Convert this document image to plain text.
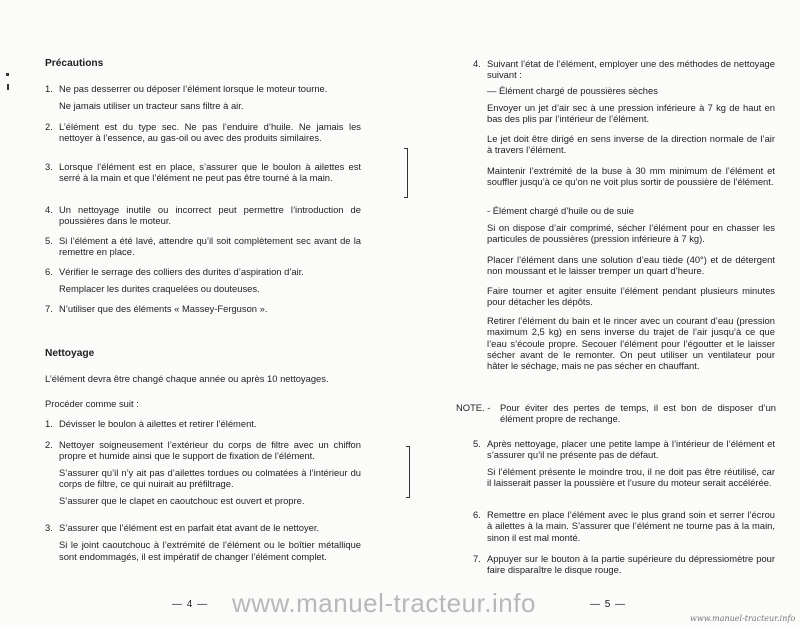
Précautions
1. Ne pas desserrer ou déposer l’élément lorsque le moteur tourne.
Ne jamais utiliser un tracteur sans filtre à air.
2. L’élément est du type sec. Ne pas l’enduire d’huile. Ne jamais les nettoyer à l’essence, au gas-oil ou avec des produits similaires.
3. Lorsque l’élément est en place, s’assurer que le boulon à ailettes est serré à la main et que l’élément ne peut pas être tourné à la main.
4. Un nettoyage inutile ou incorrect peut permettre l’introduction de poussières dans le moteur.
5. Si l’élément a été lavé, attendre qu’il soit complètement sec avant de la remettre en place.
6. Vérifier le serrage des colliers des durites d’aspiration d’air.
Remplacer les durites craquelées ou douteuses.
7. N’utiliser que des éléments « Massey-Ferguson ».
Nettoyage
L’élément devra être changé chaque année ou après 10 nettoyages.
Procéder comme suit :
1. Dévisser le boulon à ailettes et retirer l’élément.
2. Nettoyer soigneusement l’extérieur du corps de filtre avec un chiffon propre et humide ainsi que le support de fixation de l’élément.
S’assurer qu’il n’y ait pas d’ailettes tordues ou colmatées à l’intérieur du corps de filtre, ce qui nuirait au préfiltrage.
S’assurer que le clapet en caoutchouc est ouvert et propre.
3. S’assurer que l’élément est en parfait état avant de le nettoyer.
Si le joint caoutchouc à l’extrémité de l’élément ou le boîtier métallique sont endommagés, il est impératif de changer l’élément complet.
— 4 —
4. Suivant l’état de l’élément, employer une des méthodes de nettoyage suivant :
— Élément chargé de poussières sèches
Envoyer un jet d’air sec à une pression inférieure à 7 kg de haut en bas des plis par l’intérieur de l’élément.
Le jet doit être dirigé en sens inverse de la direction normale de l’air à travers l’élément.
Maintenir l’extrémité de la buse à 30 mm minimum de l’élément et souffler jusqu’à ce qu’on ne voit plus sortir de poussière de l’élément.
- Élément chargé d’huile ou de suie
Si on dispose d’air comprimé, sécher l’élément pour en chasser les particules de poussières (pression inférieure à 7 kg).
Placer l’élément dans une solution d’eau tiède (40°) et de détergent non moussant et le laisser tremper un quart d’heure.
Faire tourner et agiter ensuite l’élément pendant plusieurs minutes pour détacher les dépôts.
Retirer l’élément du bain et le rincer avec un courant d’eau (pression maximum 2,5 kg) en sens inverse du trajet de l’air jusqu’à ce que l’eau s’écoule propre. Secouer l’élément pour l’égoutter et le laisser sécher avant de le remonter. On peut utiliser un ventilateur pour hâter le séchage, mais ne pas sécher en chauffant.
NOTE. -	Pour éviter des pertes de temps, il est bon de disposer d’un élément propre de rechange.
5. Après nettoyage, placer une petite lampe à l’intérieur de l’élément et s’assurer qu’il ne présente pas de défaut.
Si l’élément présente le moindre trou, il ne doit pas être réutilisé, car il laisserait passer la poussière et l’usure du moteur serait accélérée.
6. Remettre en place l’élément avec le plus grand soin et serrer l’écrou à ailettes à la main. S’assurer que l’élément ne tourne pas à la main, sinon il est mal monté.
7. Appuyer sur le bouton à la partie supérieure du dépressiomètre pour faire disparaître le disque rouge.
— 5 —
www.manuel-tracteur.info
www.manuel-tracteur.info
